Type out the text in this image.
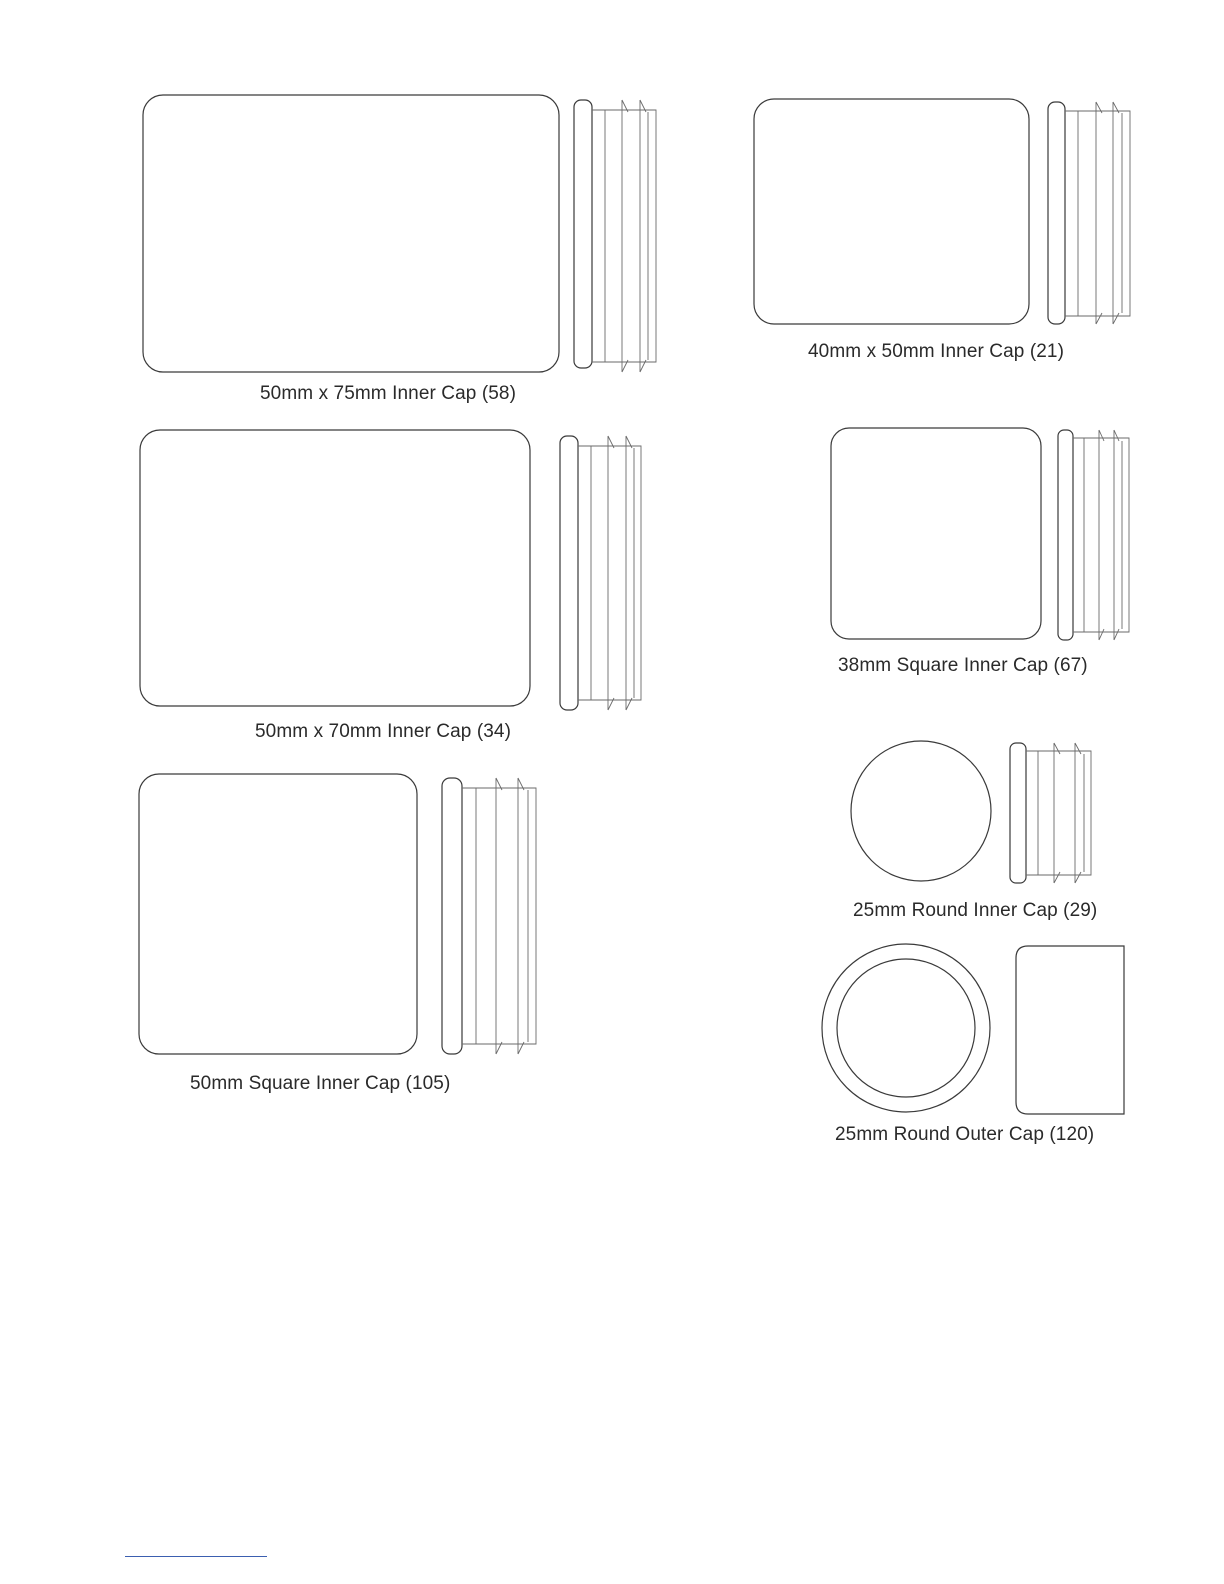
50mm x 75mm Inner Cap (58)
50mm x 70mm Inner Cap (34)
50mm Square Inner Cap (105)
40mm x 50mm Inner Cap (21)
38mm Square Inner Cap (67)
25mm Round Inner Cap (29)
25mm Round Outer Cap (120)
